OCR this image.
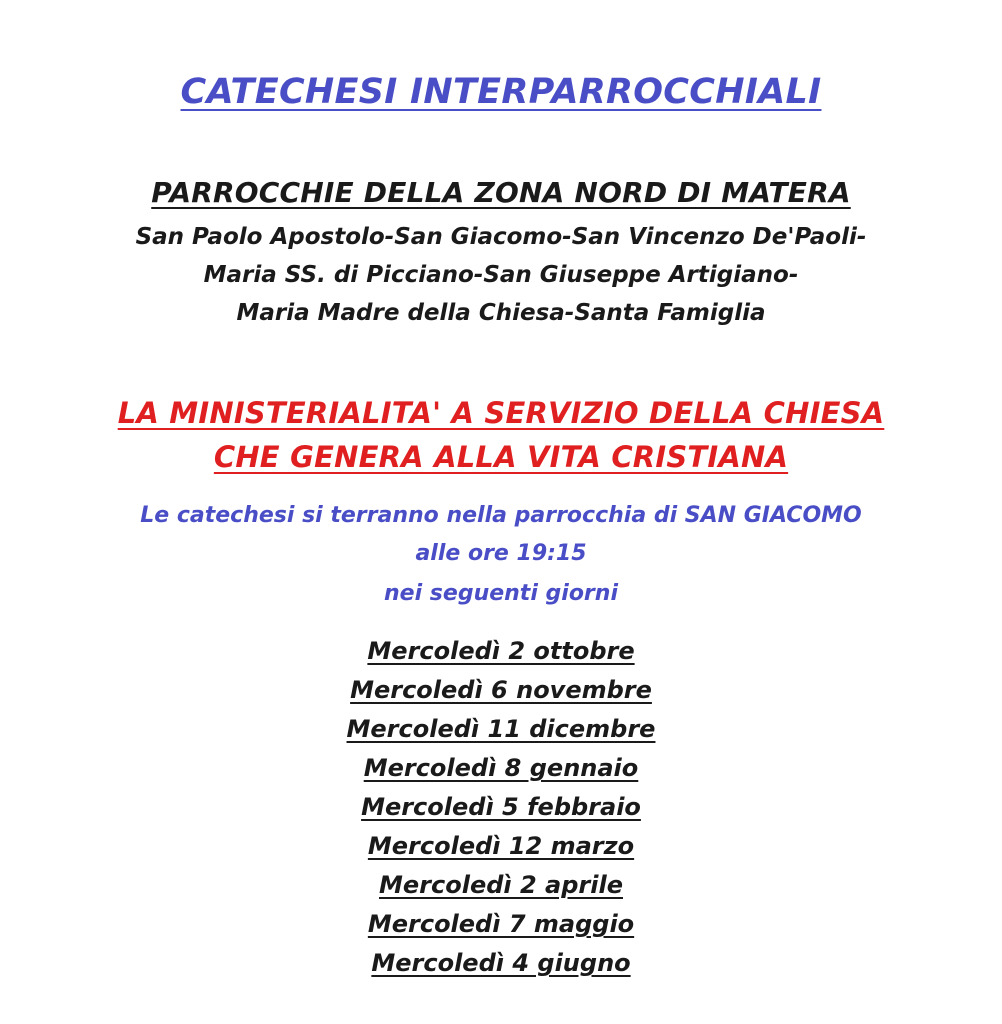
CATECHESI INTERPARROCCHIALI
PARROCCHIE DELLA ZONA NORD DI MATERA
San Paolo Apostolo-San Giacomo-San Vincenzo De'Paoli-
Maria SS. di Picciano-San Giuseppe Artigiano-
Maria Madre della Chiesa-Santa Famiglia
LA MINISTERIALITA' A SERVIZIO DELLA CHIESA
CHE GENERA ALLA VITA CRISTIANA
Le catechesi si terranno nella parrocchia di SAN GIACOMO
alle ore 19:15
nei seguenti giorni
Mercoledì 2 ottobre
Mercoledì 6 novembre
Mercoledì 11 dicembre
Mercoledì 8 gennaio
Mercoledì 5 febbraio
Mercoledì 12 marzo
Mercoledì 2 aprile
Mercoledì 7 maggio
Mercoledì 4 giugno
